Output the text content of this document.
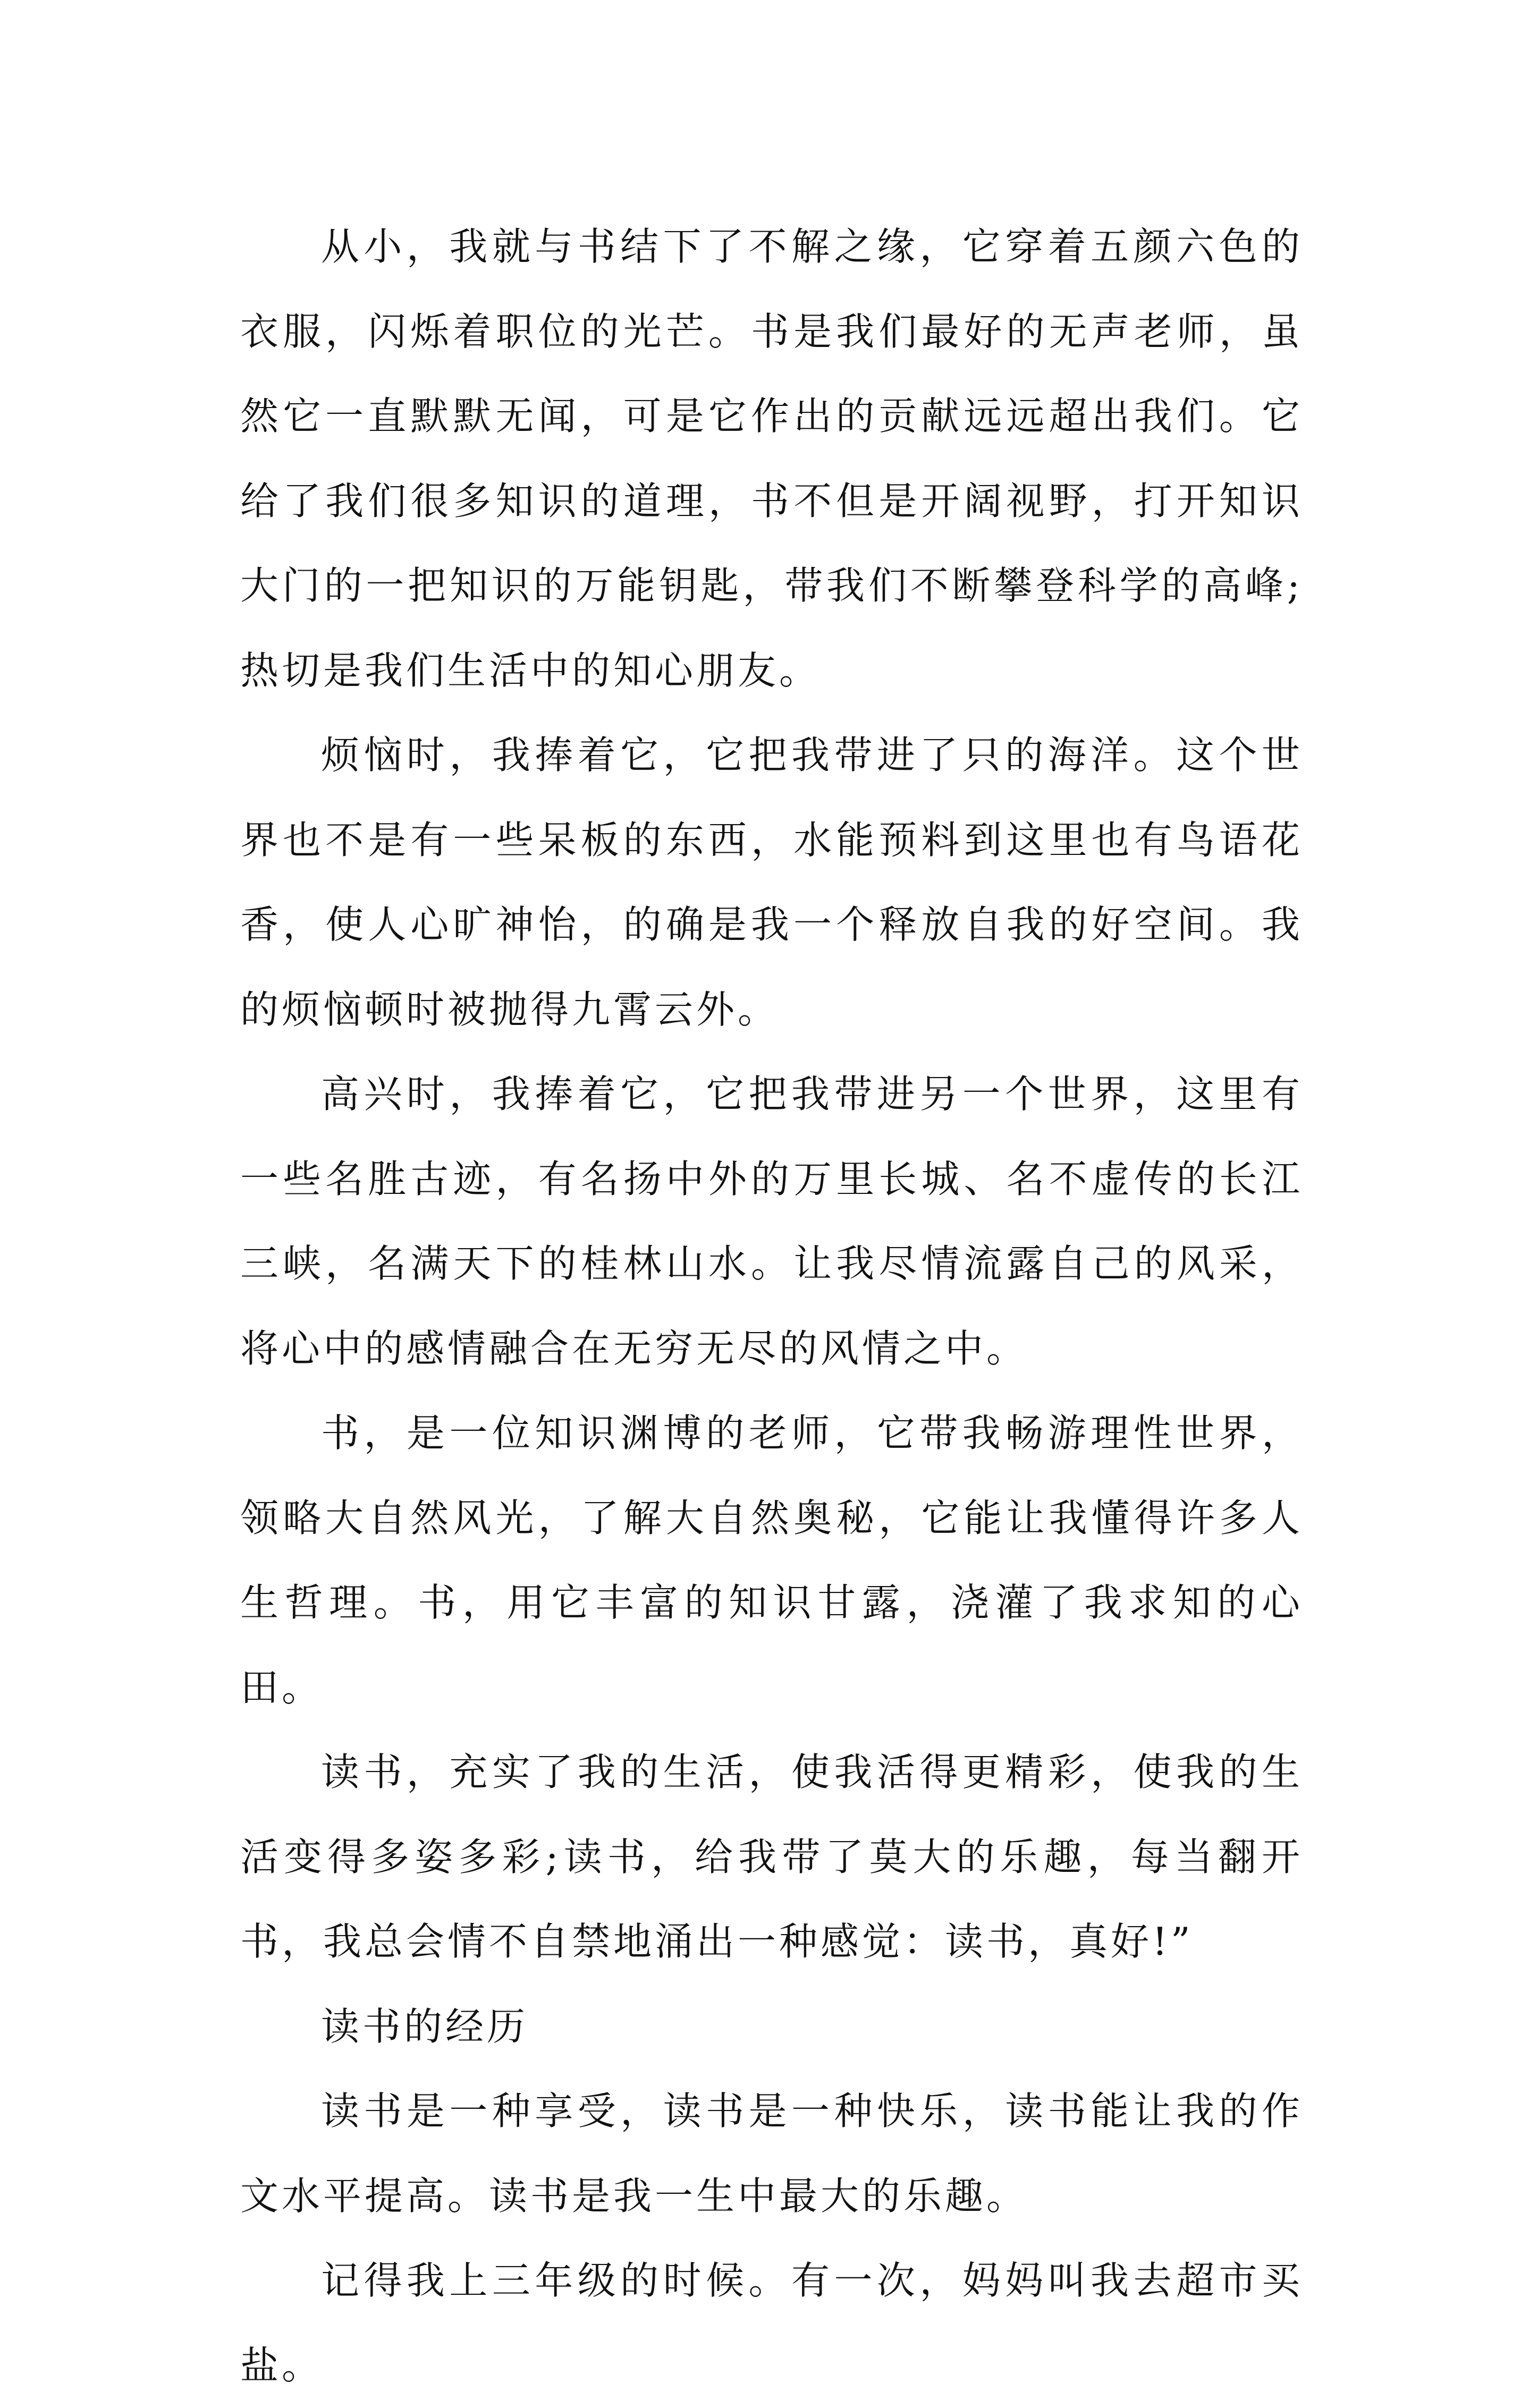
从小，我就与书结下了不解之缘，它穿着五颜六色的衣服，闪烁着职位的光芒。书是我们最好的无声老师，虽然它一直默默无闻，可是它作出的贡献远远超出我们。它给了我们很多知识的道理，书不但是开阔视野，打开知识大门的一把知识的万能钥匙，带我们不断攀登科学的高峰;热切是我们生活中的知心朋友。

烦恼时，我捧着它，它把我带进了只的海洋。这个世界也不是有一些呆板的东西，水能预料到这里也有鸟语花香，使人心旷神怡，的确是我一个释放自我的好空间。我的烦恼顿时被抛得九霄云外。

高兴时，我捧着它，它把我带进另一个世界，这里有一些名胜古迹，有名扬中外的万里长城、名不虚传的长江三峡，名满天下的桂林山水。让我尽情流露自己的风采，将心中的感情融合在无穷无尽的风情之中。

书，是一位知识渊博的老师，它带我畅游理性世界，领略大自然风光，了解大自然奥秘，它能让我懂得许多人生哲理。书，用它丰富的知识甘露，浇灌了我求知的心田。

读书，充实了我的生活，使我活得更精彩，使我的生活变得多姿多彩;读书，给我带了莫大的乐趣，每当翻开书，我总会情不自禁地涌出一种感觉：读书，真好!”

读书的经历

读书是一种享受，读书是一种快乐，读书能让我的作文水平提高。读书是我一生中最大的乐趣。

记得我上三年级的时候。有一次，妈妈叫我去超市买盐。
